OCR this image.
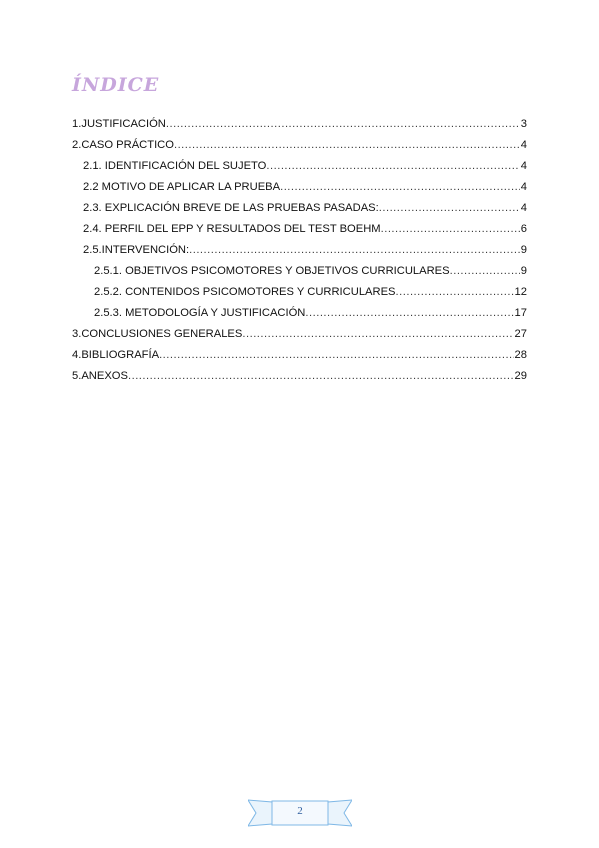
ÍNDICE
1. JUSTIFICACIÓN .....	3
2. CASO PRÁCTICO .....	4
2.1. IDENTIFICACIÓN DEL SUJETO .....	4
2.2 MOTIVO DE APLICAR LA PRUEBA .....	4
2.3. EXPLICACIÓN BREVE DE LAS PRUEBAS PASADAS: .....	4
2.4. PERFIL DEL EPP Y RESULTADOS DEL TEST BOEHM .....	6
2.5.INTERVENCIÓN: .....	9
2.5.1. OBJETIVOS PSICOMOTORES Y OBJETIVOS CURRICULARES .....	9
2.5.2. CONTENIDOS PSICOMOTORES Y CURRICULARES .....	12
2.5.3. METODOLOGÍA Y JUSTIFICACIÓN .....	17
3. CONCLUSIONES GENERALES .....	27
4. BIBLIOGRAFÍA .....	28
5. ANEXOS .....	29
2
